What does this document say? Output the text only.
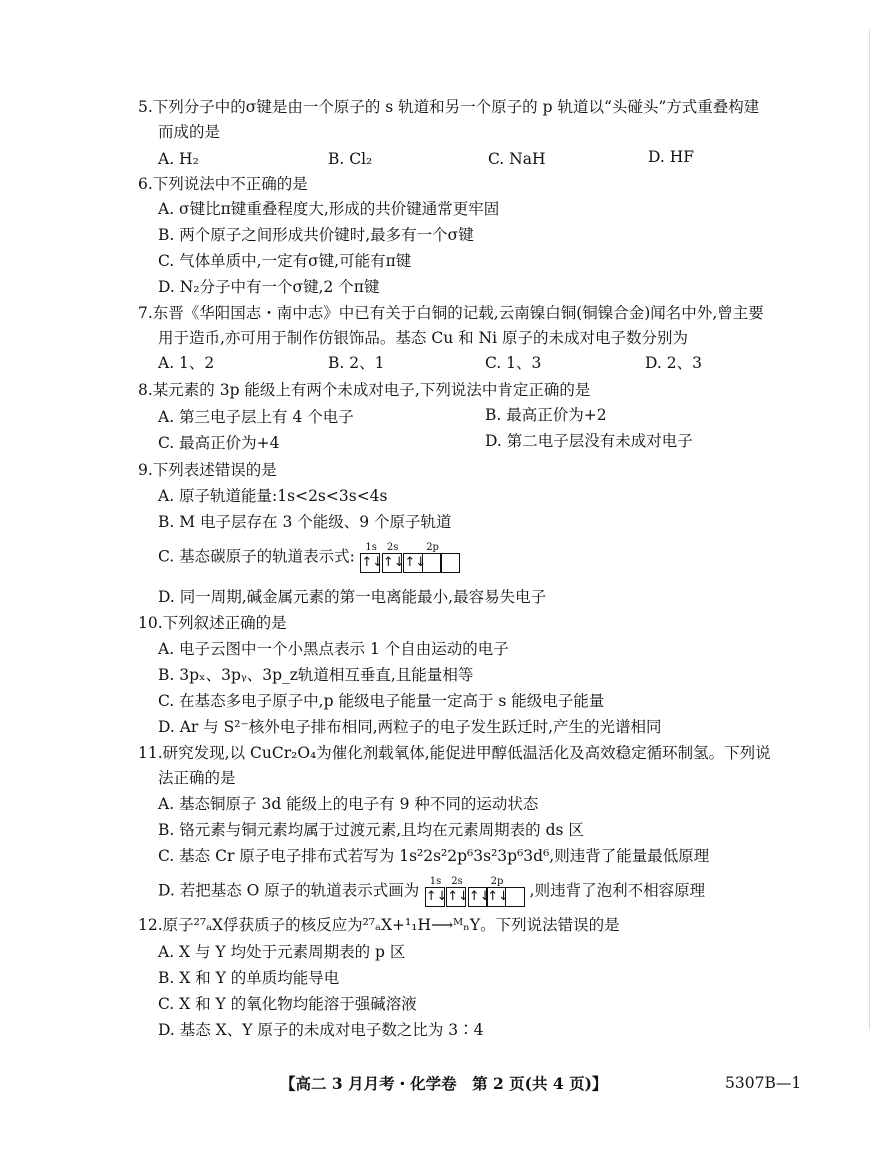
5.下列分子中的σ键是由一个原子的 s 轨道和另一个原子的 p 轨道以“头碰头”方式重叠构建
而成的是
A. H₂	B. Cl₂	C. NaH	D. HF
6.下列说法中不正确的是
A. σ键比π键重叠程度大,形成的共价键通常更牢固
B. 两个原子之间形成共价键时,最多有一个σ键
C. 气体单质中,一定有σ键,可能有π键
D. N₂分子中有一个σ键,2 个π键
7.东晋《华阳国志・南中志》中已有关于白铜的记载,云南镍白铜(铜镍合金)闻名中外,曾主要
用于造币,亦可用于制作仿银饰品。基态 Cu 和 Ni 原子的未成对电子数分别为
A. 1、2	B. 2、1	C. 1、3	D. 2、3
8.某元素的 3p 能级上有两个未成对电子,下列说法中肯定正确的是
A. 第三电子层上有 4 个电子	B. 最高正价为+2
C. 最高正价为+4	D. 第二电子层没有未成对电子
9.下列表述错误的是
A. 原子轨道能量:1s<2s<3s<4s
B. M 电子层存在 3 个能级、9 个原子轨道
C. 基态碳原子的轨道表示式: 1s
↑↓
2s
↑↓
2p
↑↓
D. 同一周期,碱金属元素的第一电离能最小,最容易失电子
10.下列叙述正确的是
A. 电子云图中一个小黑点表示 1 个自由运动的电子
B. 3pₓ、3pᵧ、3p_z轨道相互垂直,且能量相等
C. 在基态多电子原子中,p 能级电子能量一定高于 s 能级电子能量
D. Ar 与 S²⁻核外电子排布相同,两粒子的电子发生跃迁时,产生的光谱相同
11.研究发现,以 CuCr₂O₄为催化剂载氧体,能促进甲醇低温活化及高效稳定循环制氢。下列说
法正确的是
A. 基态铜原子 3d 能级上的电子有 9 种不同的运动状态
B. 铬元素与铜元素均属于过渡元素,且均在元素周期表的 ds 区
C. 基态 Cr 原子电子排布式若写为 1s²2s²2p⁶3s²3p⁶3d⁶,则违背了能量最低原理
D. 若把基态 O 原子的轨道表示式画为 1s
↑↓
2s
↑↓
2p
↑↓
↑↓ ,则违背了泡利不相容原理
12.原子²⁷ₐX俘获质子的核反应为²⁷ₐX+¹₁H⟶ᴹₙY。下列说法错误的是
A. X 与 Y 均处于元素周期表的 p 区
B. X 和 Y 的单质均能导电
C. X 和 Y 的氧化物均能溶于强碱溶液
D. 基态 X、Y 原子的未成对电子数之比为 3∶4
【高二 3 月月考・化学卷　第 2 页(共 4 页)】	5307B—1
